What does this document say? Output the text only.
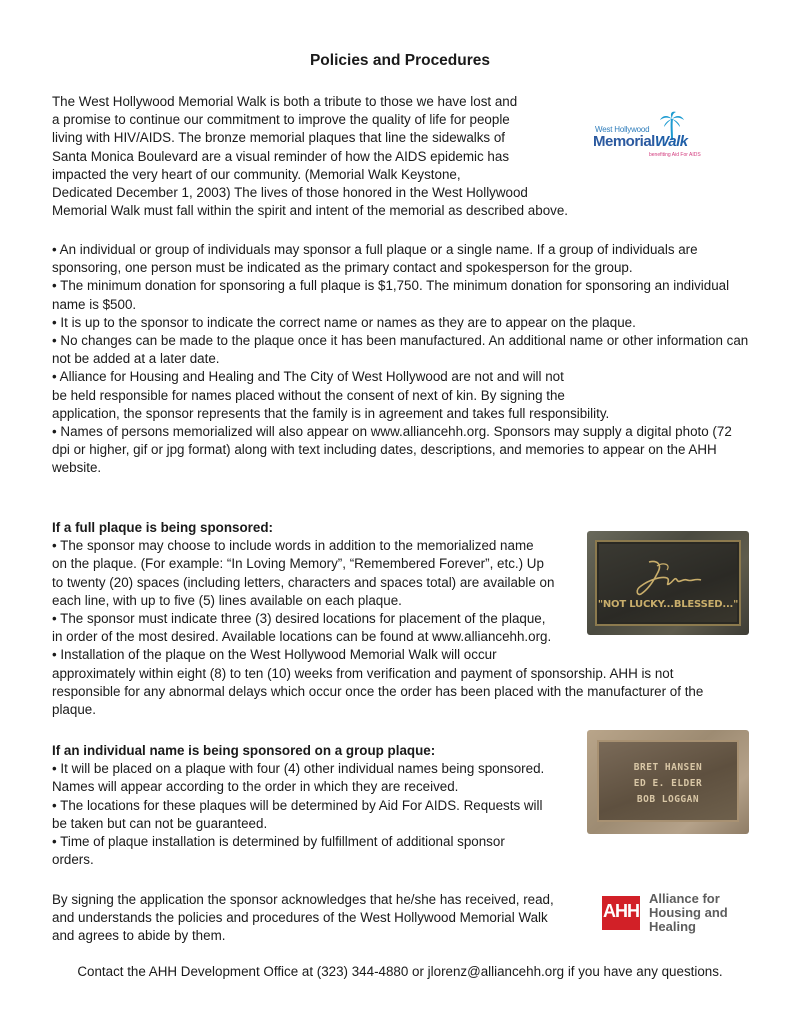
Policies and Procedures
The West Hollywood Memorial Walk is both a tribute to those we have lost and
a promise to continue our commitment to improve the quality of life for people
living with HIV/AIDS. The bronze memorial plaques that line the sidewalks of
Santa Monica Boulevard are a visual reminder of how the AIDS epidemic has
impacted the very heart of our community. (Memorial Walk Keystone,
Dedicated December 1, 2003) The lives of those honored in the West Hollywood
Memorial Walk must fall within the spirit and intent of the memorial as described above.
West Hollywood
MemorialWalk
benefiting Aid For AIDS
• An individual or group of individuals may sponsor a full plaque or a single name. If a group of individuals are sponsoring, one person must be indicated as the primary contact and spokesperson for the group.
• The minimum donation for sponsoring a full plaque is $1,750. The minimum donation for sponsoring an individual name is $500.
• It is up to the sponsor to indicate the correct name or names as they are to appear on the plaque.
• No changes can be made to the plaque once it has been manufactured. An additional name or other information can not be added at a later date.
• Alliance for Housing and Healing and The City of West Hollywood are not and will not
be held responsible for names placed without the consent of next of kin. By signing the
application, the sponsor represents that the family is in agreement and takes full responsibility.
• Names of persons memorialized will also appear on www.alliancehh.org. Sponsors may supply a digital photo (72 dpi or higher, gif or jpg format) along with text including dates, descriptions, and memories to appear on the AHH website.
If a full plaque is being sponsored:
• The sponsor may choose to include words in addition to the memorialized name
on the plaque. (For example: “In Loving Memory”, “Remembered Forever”, etc.) Up
to twenty (20) spaces (including letters, characters and spaces total) are available on
each line, with up to five (5) lines available on each plaque.
• The sponsor must indicate three (3) desired locations for placement of the plaque,
in order of the most desired. Available locations can be found at www.alliancehh.org.
• Installation of the plaque on the West Hollywood Memorial Walk will occur
approximately within eight (8) to ten (10) weeks from verification and payment of sponsorship. AHH is not
responsible for any abnormal delays which occur once the order has been placed with the manufacturer of the
plaque.
"NOT LUCKY...BLESSED..."
If an individual name is being sponsored on a group plaque:
• It will be placed on a plaque with four (4) other individual names being sponsored.
Names will appear according to the order in which they are received.
• The locations for these plaques will be determined by Aid For AIDS. Requests will
be taken but can not be guaranteed.
• Time of plaque installation is determined by fulfillment of additional sponsor
orders.
BRET HANSEN
ED E. ELDER
BOB LOGGAN
By signing the application the sponsor acknowledges that he/she has received, read,
and understands the policies and procedures of the West Hollywood Memorial Walk
and agrees to abide by them.
AHH
Alliance for
Housing and
Healing
Contact the AHH Development Office at (323) 344-4880 or jlorenz@alliancehh.org if you have any questions.
